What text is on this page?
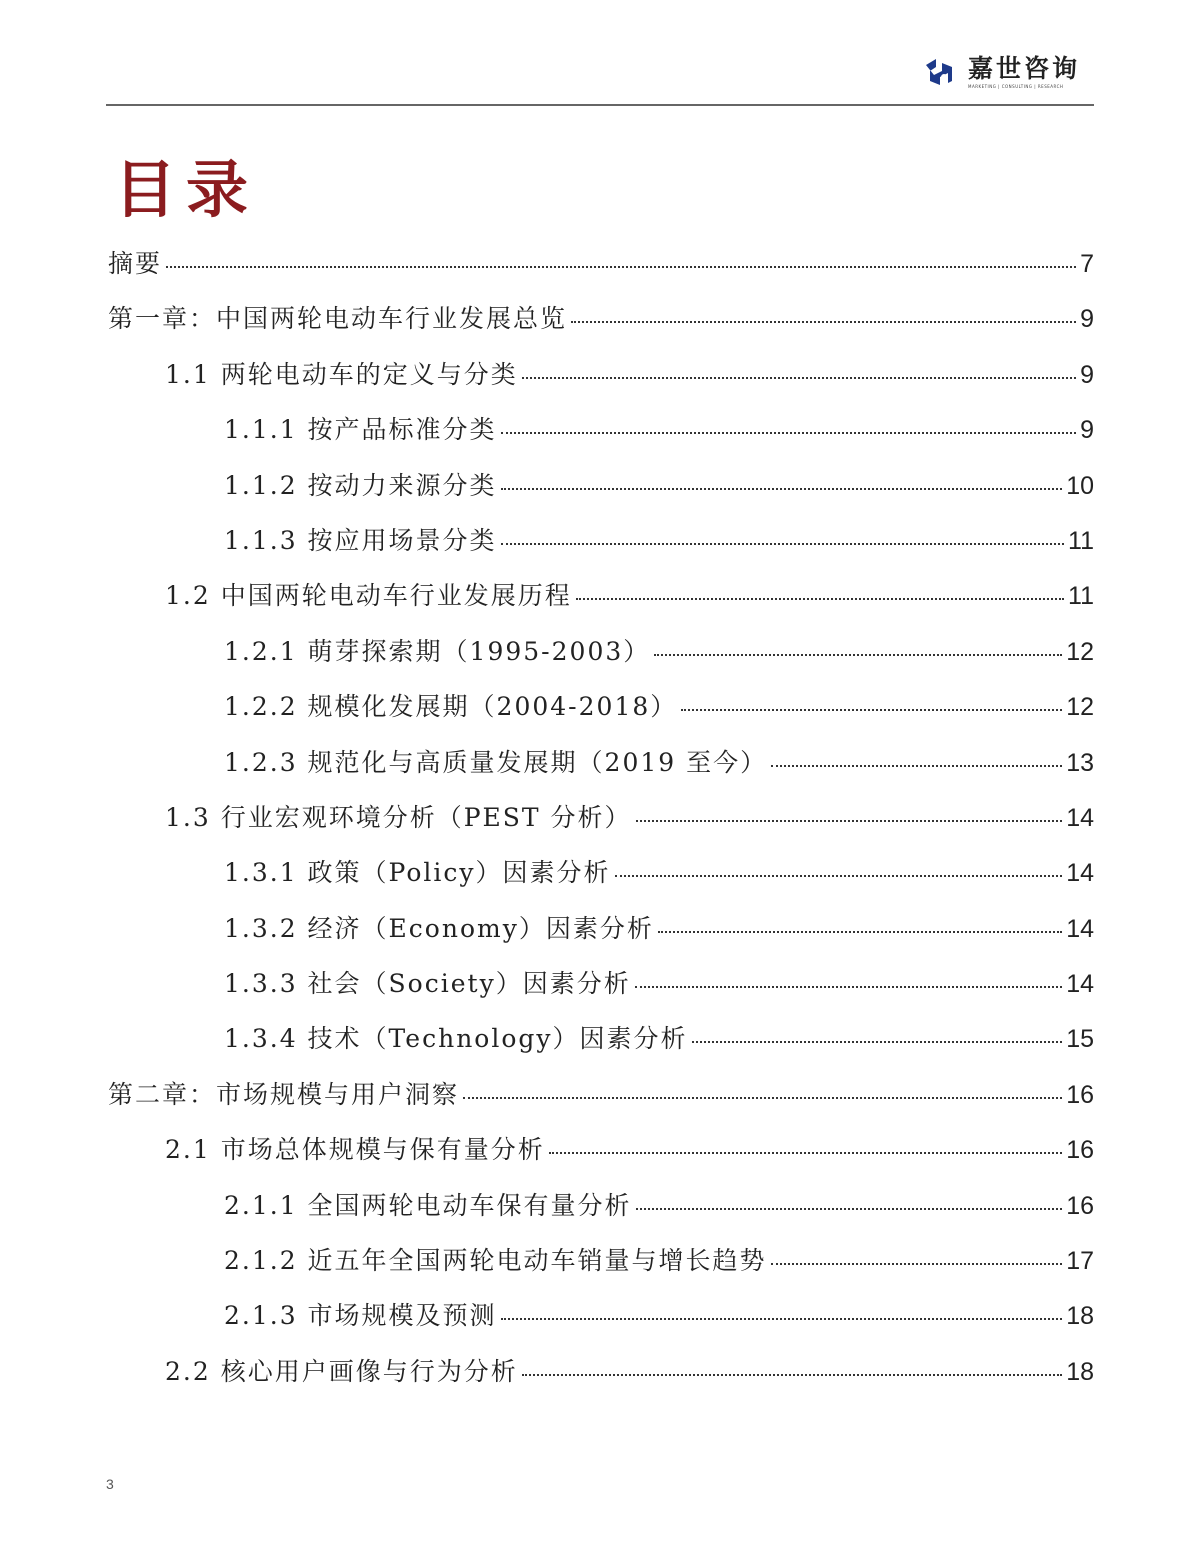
嘉世咨询
MARKETING | CONSULTING | RESEARCH
目录
摘要	7
第一章：中国两轮电动车行业发展总览	9
1.1 两轮电动车的定义与分类	9
1.1.1 按产品标准分类	9
1.1.2 按动力来源分类	10
1.1.3 按应用场景分类	11
1.2 中国两轮电动车行业发展历程	11
1.2.1 萌芽探索期（1995-2003）	12
1.2.2 规模化发展期（2004-2018）	12
1.2.3 规范化与高质量发展期（2019 至今）	13
1.3 行业宏观环境分析（PEST 分析）	14
1.3.1 政策（Policy）因素分析	14
1.3.2 经济（Economy）因素分析	14
1.3.3 社会（Society）因素分析	14
1.3.4 技术（Technology）因素分析	15
第二章：市场规模与用户洞察	16
2.1 市场总体规模与保有量分析	16
2.1.1 全国两轮电动车保有量分析	16
2.1.2 近五年全国两轮电动车销量与增长趋势	17
2.1.3 市场规模及预测	18
2.2 核心用户画像与行为分析	18
3
